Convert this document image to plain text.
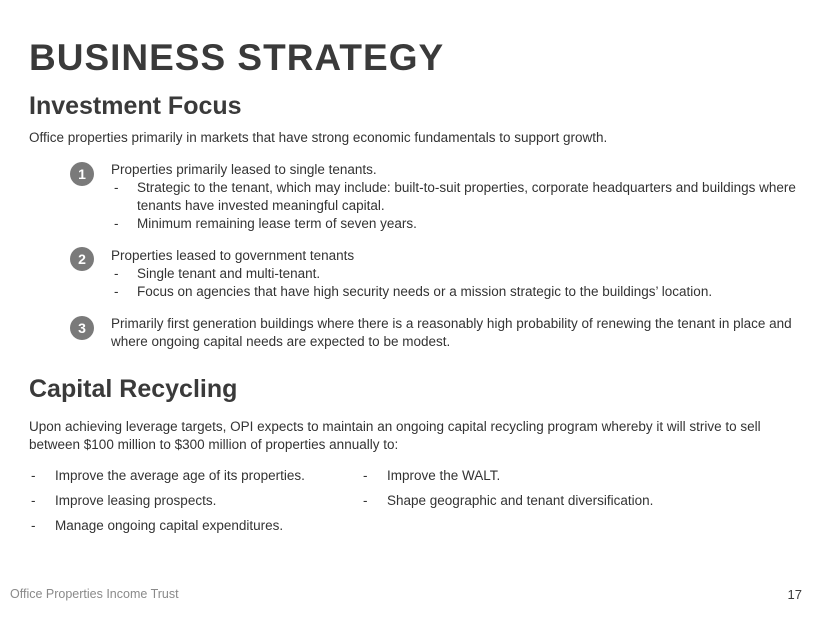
BUSINESS STRATEGY
Investment Focus
Office properties primarily in markets that have strong economic fundamentals to support growth.
1	Properties primarily leased to single tenants.
- Strategic to the tenant, which may include: built-to-suit properties, corporate headquarters and buildings where tenants have invested meaningful capital.
- Minimum remaining lease term of seven years.
2	Properties leased to government tenants
- Single tenant and multi-tenant.
- Focus on agencies that have high security needs or a mission strategic to the buildings’ location.
3	Primarily first generation buildings where there is a reasonably high probability of renewing the tenant in place and where ongoing capital needs are expected to be modest.
Capital Recycling
Upon achieving leverage targets, OPI expects to maintain an ongoing capital recycling program whereby it will strive to sell between $100 million to $300 million of properties annually to:
- Improve the average age of its properties.
- Improve leasing prospects.
- Manage ongoing capital expenditures.
- Improve the WALT.
- Shape geographic and tenant diversification.
Office Properties Income Trust	17
